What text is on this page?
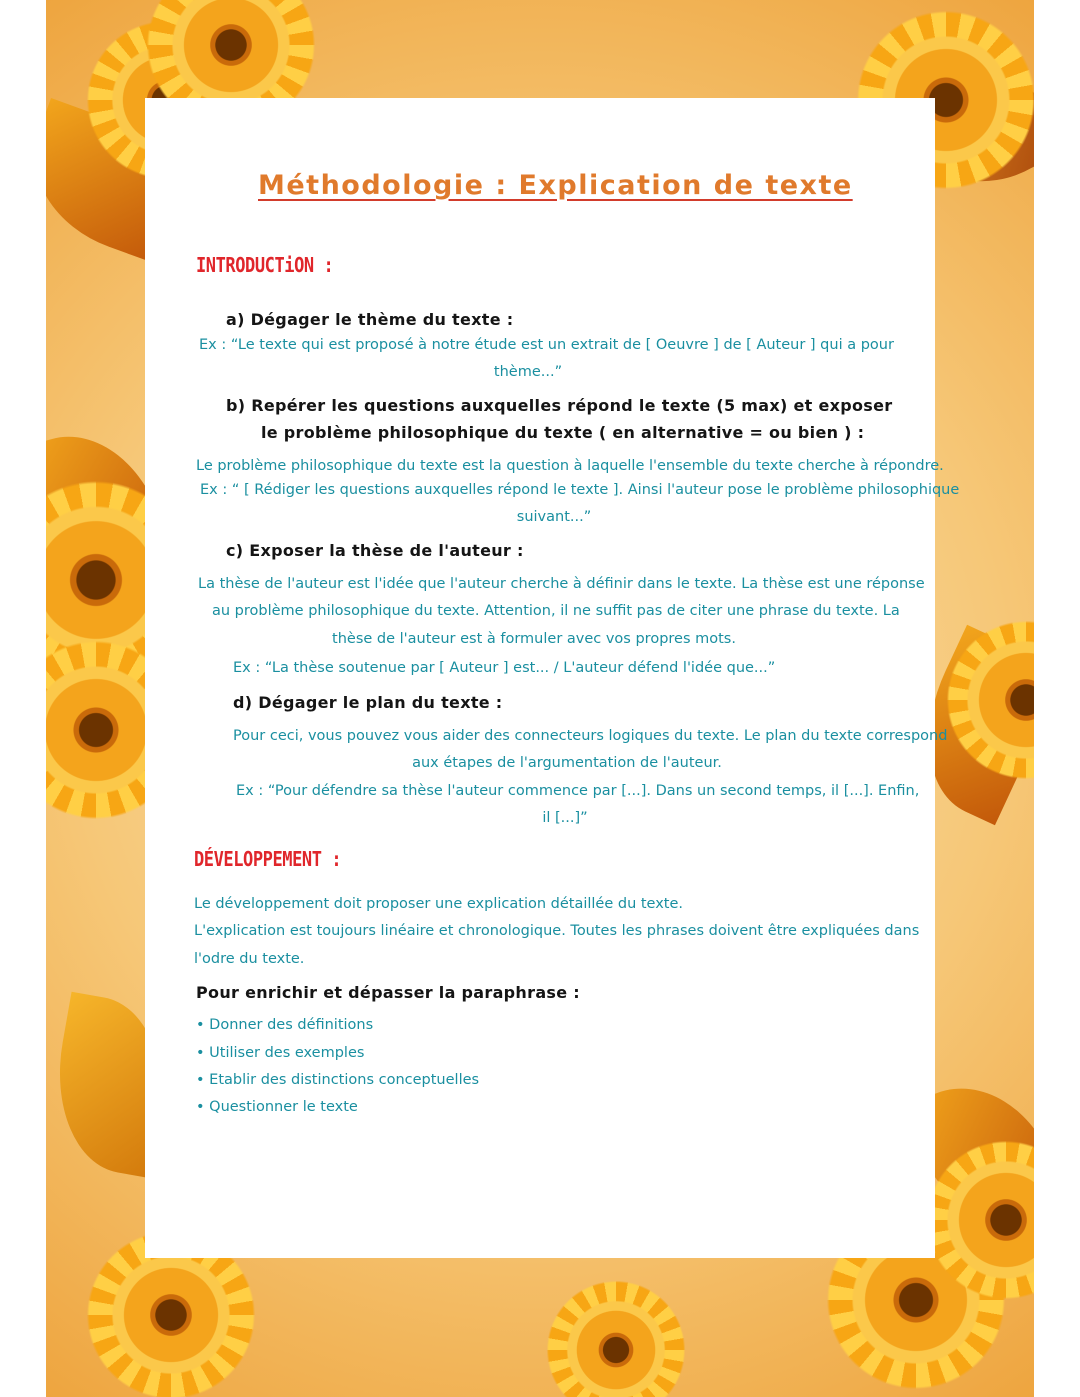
Méthodologie : Explication de texte
INTRODUCTiON :
a) Dégager le thème du texte :
Ex : “Le texte qui est proposé à notre étude est un extrait de [ Oeuvre ] de [ Auteur ] qui a pour
thème...”
b) Repérer les questions auxquelles répond le texte (5 max) et exposer
le problème philosophique du texte ( en alternative = ou bien ) :
Le problème philosophique du texte est la question à laquelle l'ensemble du texte cherche à répondre.
Ex : “ [ Rédiger les questions auxquelles répond le texte ]. Ainsi l'auteur pose le problème philosophique
suivant...”
c) Exposer la thèse de l'auteur :
La thèse de l'auteur est l'idée que l'auteur cherche à définir dans le texte. La thèse est une réponse
au problème philosophique du texte. Attention, il ne suffit pas de citer une phrase du texte. La
thèse de l'auteur est à formuler avec vos propres mots.
Ex : “La thèse soutenue par [ Auteur ] est... / L'auteur défend l'idée que...”
d) Dégager le plan du texte :
Pour ceci, vous pouvez vous aider des connecteurs logiques du texte. Le plan du texte correspond
aux étapes de l'argumentation de l'auteur.
Ex : “Pour défendre sa thèse l'auteur commence par [...]. Dans un second temps, il [...]. Enfin,
il [...]”
DÉVELOPPEMENT :
Le développement doit proposer une explication détaillée du texte.
L'explication est toujours linéaire et chronologique. Toutes les phrases doivent être expliquées dans
l'odre du texte.
Pour enrichir et dépasser la paraphrase :
• Donner des définitions
• Utiliser des exemples
• Etablir des distinctions conceptuelles
• Questionner le texte
